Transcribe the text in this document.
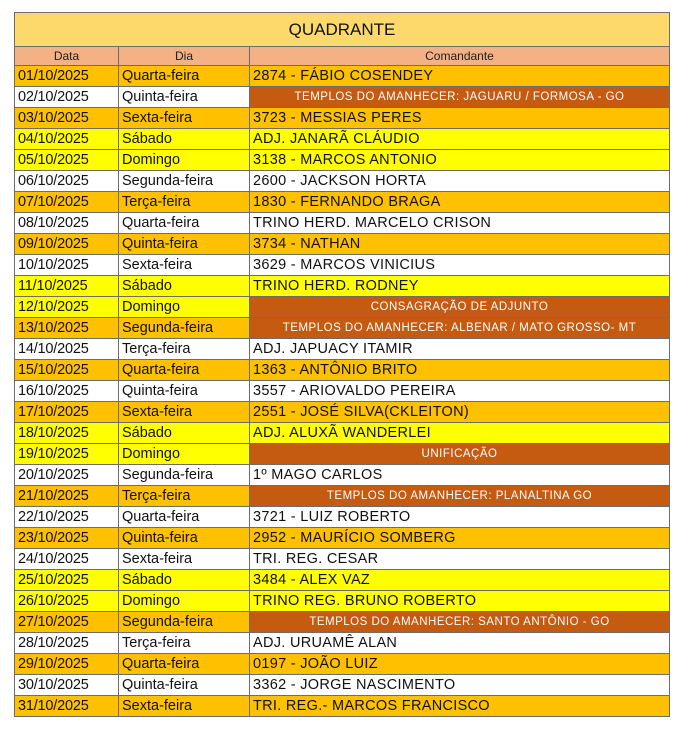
QUADRANTE		
Data	Dia	Comandante
01/10/2025	Quarta-feira	2874 - FÁBIO COSENDEY
02/10/2025	Quinta-feira	TEMPLOS DO AMANHECER: JAGUARU / FORMOSA - GO
03/10/2025	Sexta-feira	3723 - MESSIAS PERES
04/10/2025	Sábado	ADJ. JANARÃ CLÁUDIO
05/10/2025	Domingo	3138 - MARCOS ANTONIO
06/10/2025	Segunda-feira	2600 - JACKSON HORTA
07/10/2025	Terça-feira	1830 - FERNANDO BRAGA
08/10/2025	Quarta-feira	TRINO HERD. MARCELO CRISON
09/10/2025	Quinta-feira	3734 - NATHAN
10/10/2025	Sexta-feira	3629 - MARCOS VINICIUS
11/10/2025	Sábado	TRINO HERD. RODNEY
12/10/2025	Domingo	CONSAGRAÇÃO DE ADJUNTO
13/10/2025	Segunda-feira	TEMPLOS DO AMANHECER: ALBENAR / MATO GROSSO- MT
14/10/2025	Terça-feira	ADJ. JAPUACY ITAMIR
15/10/2025	Quarta-feira	1363 - ANTÔNIO BRITO
16/10/2025	Quinta-feira	3557 - ARIOVALDO PEREIRA
17/10/2025	Sexta-feira	2551 - JOSÉ SILVA(CKLEITON)
18/10/2025	Sábado	ADJ. ALUXÃ WANDERLEI
19/10/2025	Domingo	UNIFICAÇÃO
20/10/2025	Segunda-feira	1º MAGO CARLOS
21/10/2025	Terça-feira	TEMPLOS DO AMANHECER: PLANALTINA GO
22/10/2025	Quarta-feira	3721 - LUIZ ROBERTO
23/10/2025	Quinta-feira	2952 - MAURÍCIO SOMBERG
24/10/2025	Sexta-feira	TRI. REG. CESAR
25/10/2025	Sábado	3484 - ALEX VAZ
26/10/2025	Domingo	TRINO REG. BRUNO ROBERTO
27/10/2025	Segunda-feira	TEMPLOS DO AMANHECER: SANTO ANTÔNIO - GO
28/10/2025	Terça-feira	ADJ. URUAMÊ ALAN
29/10/2025	Quarta-feira	0197 - JOÃO LUIZ
30/10/2025	Quinta-feira	3362 - JORGE NASCIMENTO
31/10/2025	Sexta-feira	TRI. REG.- MARCOS FRANCISCO
